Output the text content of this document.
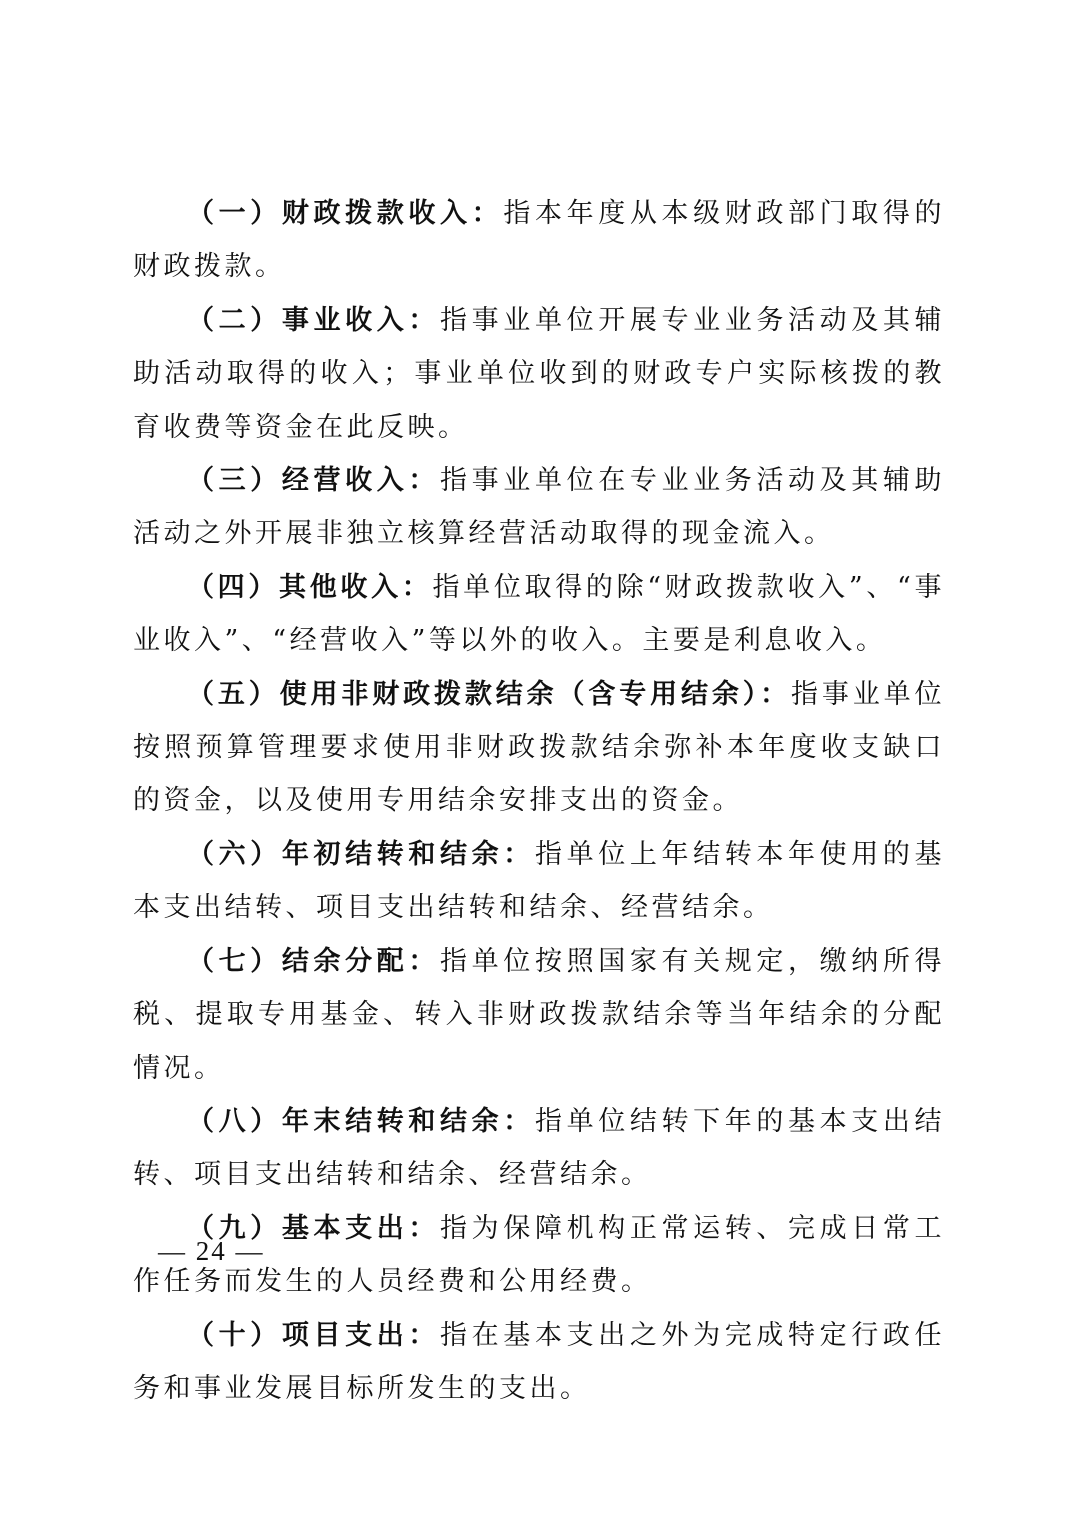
（一）财政拨款收入：指本年度从本级财政部门取得的财政拨款。

（二）事业收入：指事业单位开展专业业务活动及其辅助活动取得的收入；事业单位收到的财政专户实际核拨的教育收费等资金在此反映。

（三）经营收入：指事业单位在专业业务活动及其辅助活动之外开展非独立核算经营活动取得的现金流入。

（四）其他收入：指单位取得的除“财政拨款收入”、“事业收入”、“经营收入”等以外的收入。主要是利息收入。

（五）使用非财政拨款结余（含专用结余）：指事业单位按照预算管理要求使用非财政拨款结余弥补本年度收支缺口的资金，以及使用专用结余安排支出的资金。

（六）年初结转和结余：指单位上年结转本年使用的基本支出结转、项目支出结转和结余、经营结余。

（七）结余分配：指单位按照国家有关规定，缴纳所得税、提取专用基金、转入非财政拨款结余等当年结余的分配情况。

（八）年末结转和结余：指单位结转下年的基本支出结转、项目支出结转和结余、经营结余。

（九）基本支出：指为保障机构正常运转、完成日常工作任务而发生的人员经费和公用经费。

（十）项目支出：指在基本支出之外为完成特定行政任务和事业发展目标所发生的支出。

— 24 —
